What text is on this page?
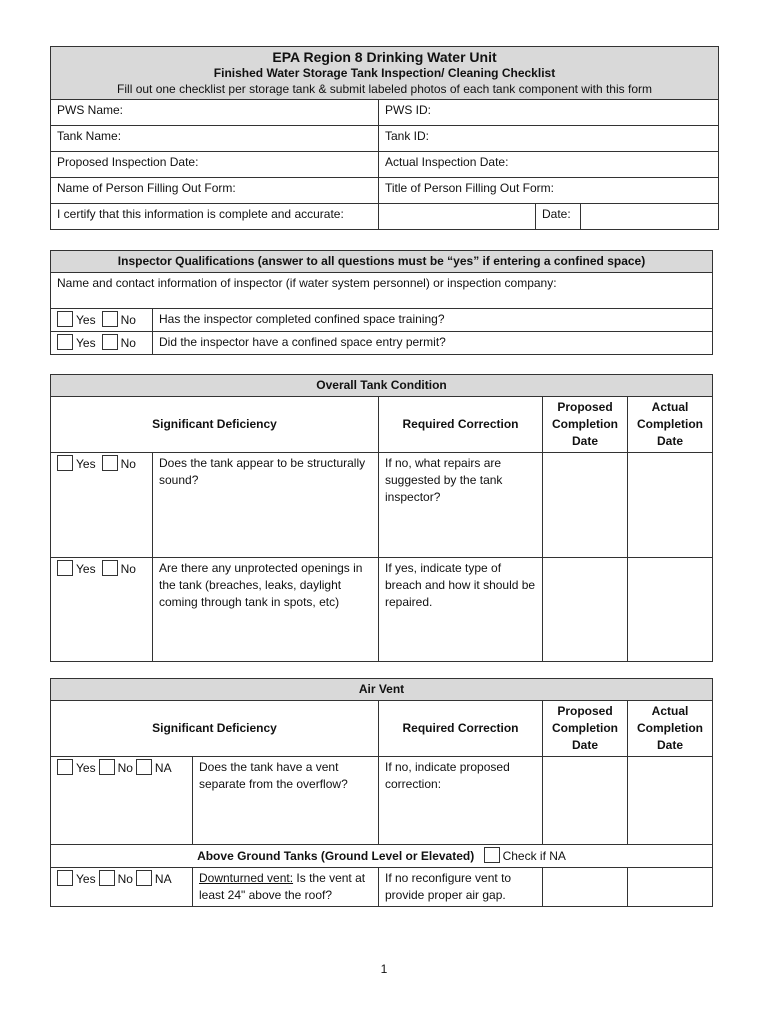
EPA Region 8 Drinking Water Unit
Finished Water Storage Tank Inspection/ Cleaning Checklist
Fill out one checklist per storage tank & submit labeled photos of each tank component with this form			

PWS Name:	PWS ID:		
Tank Name:	Tank ID:		
Proposed Inspection Date:	Actual Inspection Date:		
Name of Person Filling Out Form:	Title of Person Filling Out Form:		
I certify that this information is complete and accurate:		Date:	
Inspector Qualifications (answer to all questions must be “yes” if entering a confined space)	
Name and contact information of inspector (if water system personnel) or inspection company:	
Yes No	Has the inspector completed confined space training?
Yes No	Did the inspector have a confined space entry permit?
Overall Tank Condition				
Significant Deficiency		Required Correction	Proposed Completion Date	Actual Completion Date
Yes No	Does the tank appear to be structurally sound?	If no, what repairs are suggested by the tank inspector?		
Yes No	Are there any unprotected openings in the tank (breaches, leaks, daylight coming through tank in spots, etc)	If yes, indicate type of breach and how it should be repaired.		
Air Vent				
Significant Deficiency		Required Correction	Proposed Completion Date	Actual Completion Date
Yes No NA	Does the tank have a vent separate from the overflow?	If no, indicate proposed correction:		
Above Ground Tanks (Ground Level or Elevated) Check if NA				
Yes No NA	Downturned vent: Is the vent at least 24" above the roof?	If no reconfigure vent to provide proper air gap.		
1
